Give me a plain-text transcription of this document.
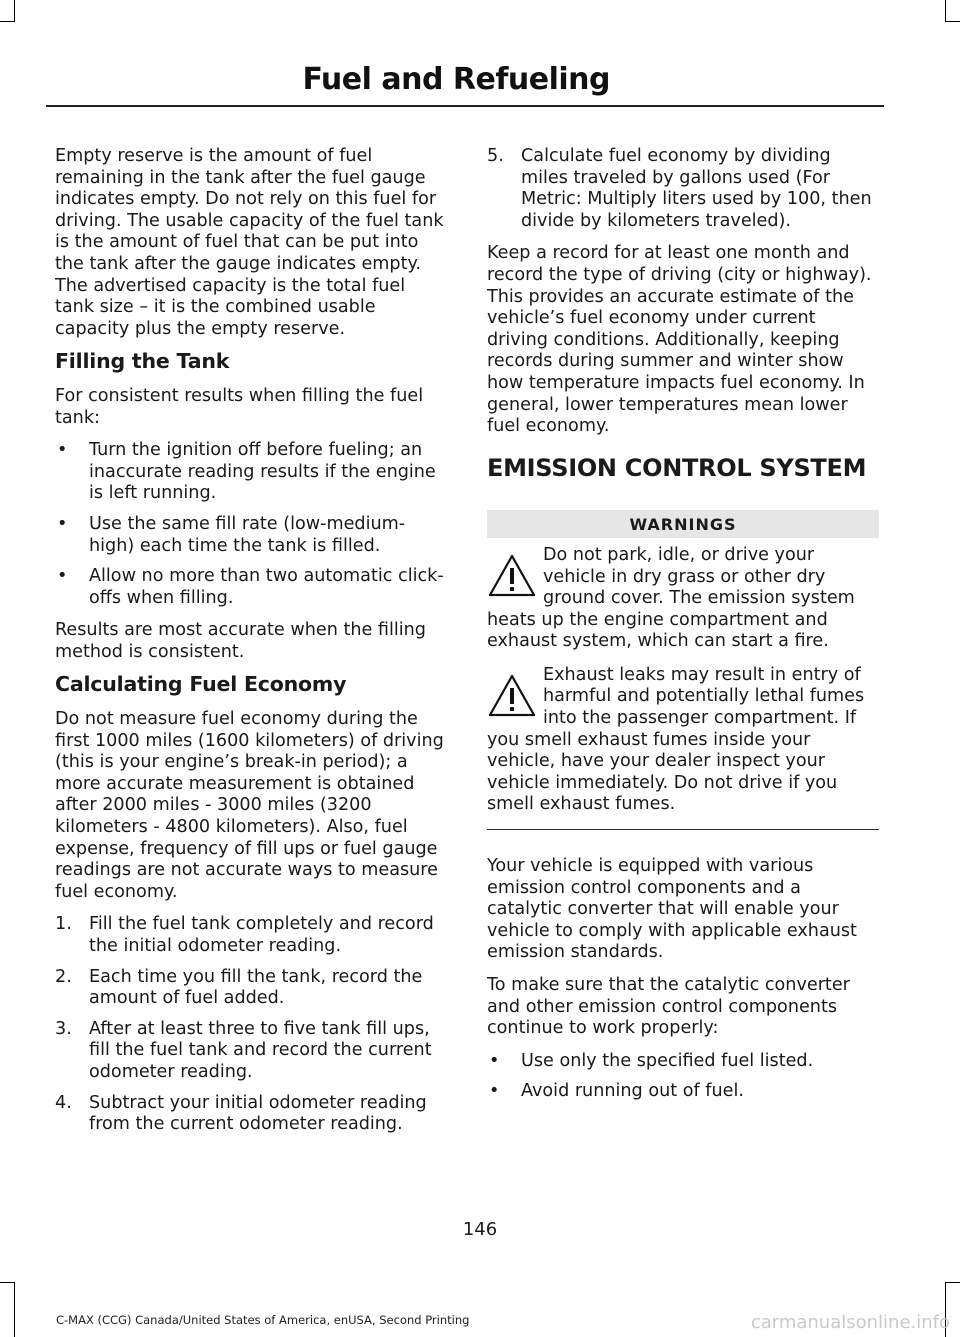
Fuel and Refueling

Empty reserve is the amount of fuel remaining in the tank after the fuel gauge indicates empty. Do not rely on this fuel for driving. The usable capacity of the fuel tank is the amount of fuel that can be put into the tank after the gauge indicates empty. The advertised capacity is the total fuel tank size – it is the combined usable capacity plus the empty reserve.

Filling the Tank

For consistent results when filling the fuel tank:

• Turn the ignition off before fueling; an inaccurate reading results if the engine is left running.
• Use the same fill rate (low-medium-high) each time the tank is filled.
• Allow no more than two automatic click-offs when filling.

Results are most accurate when the filling method is consistent.

Calculating Fuel Economy

Do not measure fuel economy during the first 1000 miles (1600 kilometers) of driving (this is your engine’s break-in period); a more accurate measurement is obtained after 2000 miles - 3000 miles (3200 kilometers - 4800 kilometers). Also, fuel expense, frequency of fill ups or fuel gauge readings are not accurate ways to measure fuel economy.

1. Fill the fuel tank completely and record the initial odometer reading.
2. Each time you fill the tank, record the amount of fuel added.
3. After at least three to five tank fill ups, fill the fuel tank and record the current odometer reading.
4. Subtract your initial odometer reading from the current odometer reading.
5. Calculate fuel economy by dividing miles traveled by gallons used (For Metric: Multiply liters used by 100, then divide by kilometers traveled).

Keep a record for at least one month and record the type of driving (city or highway). This provides an accurate estimate of the vehicle’s fuel economy under current driving conditions. Additionally, keeping records during summer and winter show how temperature impacts fuel economy. In general, lower temperatures mean lower fuel economy.

EMISSION CONTROL SYSTEM
WARNINGS
Do not park, idle, or drive your vehicle in dry grass or other dry ground cover. The emission system heats up the engine compartment and exhaust system, which can start a fire.
Exhaust leaks may result in entry of harmful and potentially lethal fumes into the passenger compartment. If you smell exhaust fumes inside your vehicle, have your dealer inspect your vehicle immediately. Do not drive if you smell exhaust fumes.

Your vehicle is equipped with various emission control components and a catalytic converter that will enable your vehicle to comply with applicable exhaust emission standards.

To make sure that the catalytic converter and other emission control components continue to work properly:

• Use only the specified fuel listed.
• Avoid running out of fuel.
146
C-MAX (CCG) Canada/United States of America, enUSA, Second Printing	carmanualsonline.info
